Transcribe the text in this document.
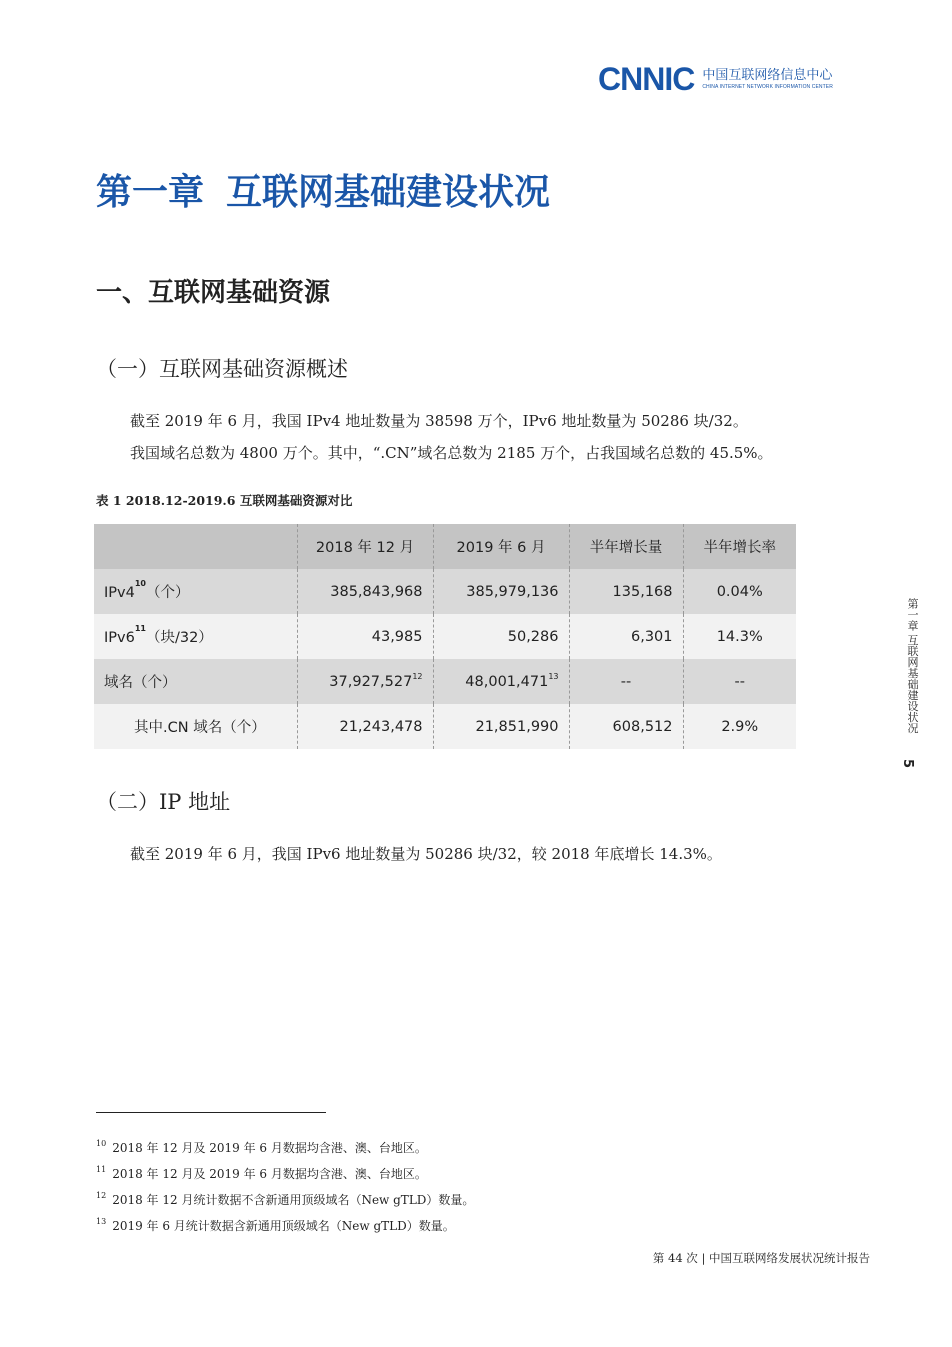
CNNIC 中国互联网络信息中心
CHINA INTERNET NETWORK INFORMATION CENTER
第一章 互联网基础建设状况
一、互联网基础资源
（一）互联网基础资源概述
截至 2019 年 6 月，我国 IPv4 地址数量为 38598 万个，IPv6 地址数量为 50286 块/32。
我国域名总数为 4800 万个。其中，“.CN”域名总数为 2185 万个，占我国域名总数的 45.5%。
表 1 2018.12-2019.6 互联网基础资源对比
	2018 年 12 月	2019 年 6 月	半年增长量	半年增长率
IPv4$^{10}$（个）	385,843,968	385,979,136	135,168	0.04%
IPv6$^{11}$（块/32）	43,985	50,286	6,301	14.3%
域名（个）	37,927,527$^{12}$	48,001,471$^{13}$	--	--
其中.CN 域名（个）	21,243,478	21,851,990	608,512	2.9%
（二）IP 地址
截至 2019 年 6 月，我国 IPv6 地址数量为 50286 块/32，较 2018 年底增长 14.3%。
第一章 互联网基础建设状况
5
$^{10}$ 2018 年 12 月及 2019 年 6 月数据均含港、澳、台地区。
$^{11}$ 2018 年 12 月及 2019 年 6 月数据均含港、澳、台地区。
$^{12}$ 2018 年 12 月统计数据不含新通用顶级域名（New gTLD）数量。
$^{13}$ 2019 年 6 月统计数据含新通用顶级域名（New gTLD）数量。
第 44 次 | 中国互联网络发展状况统计报告
